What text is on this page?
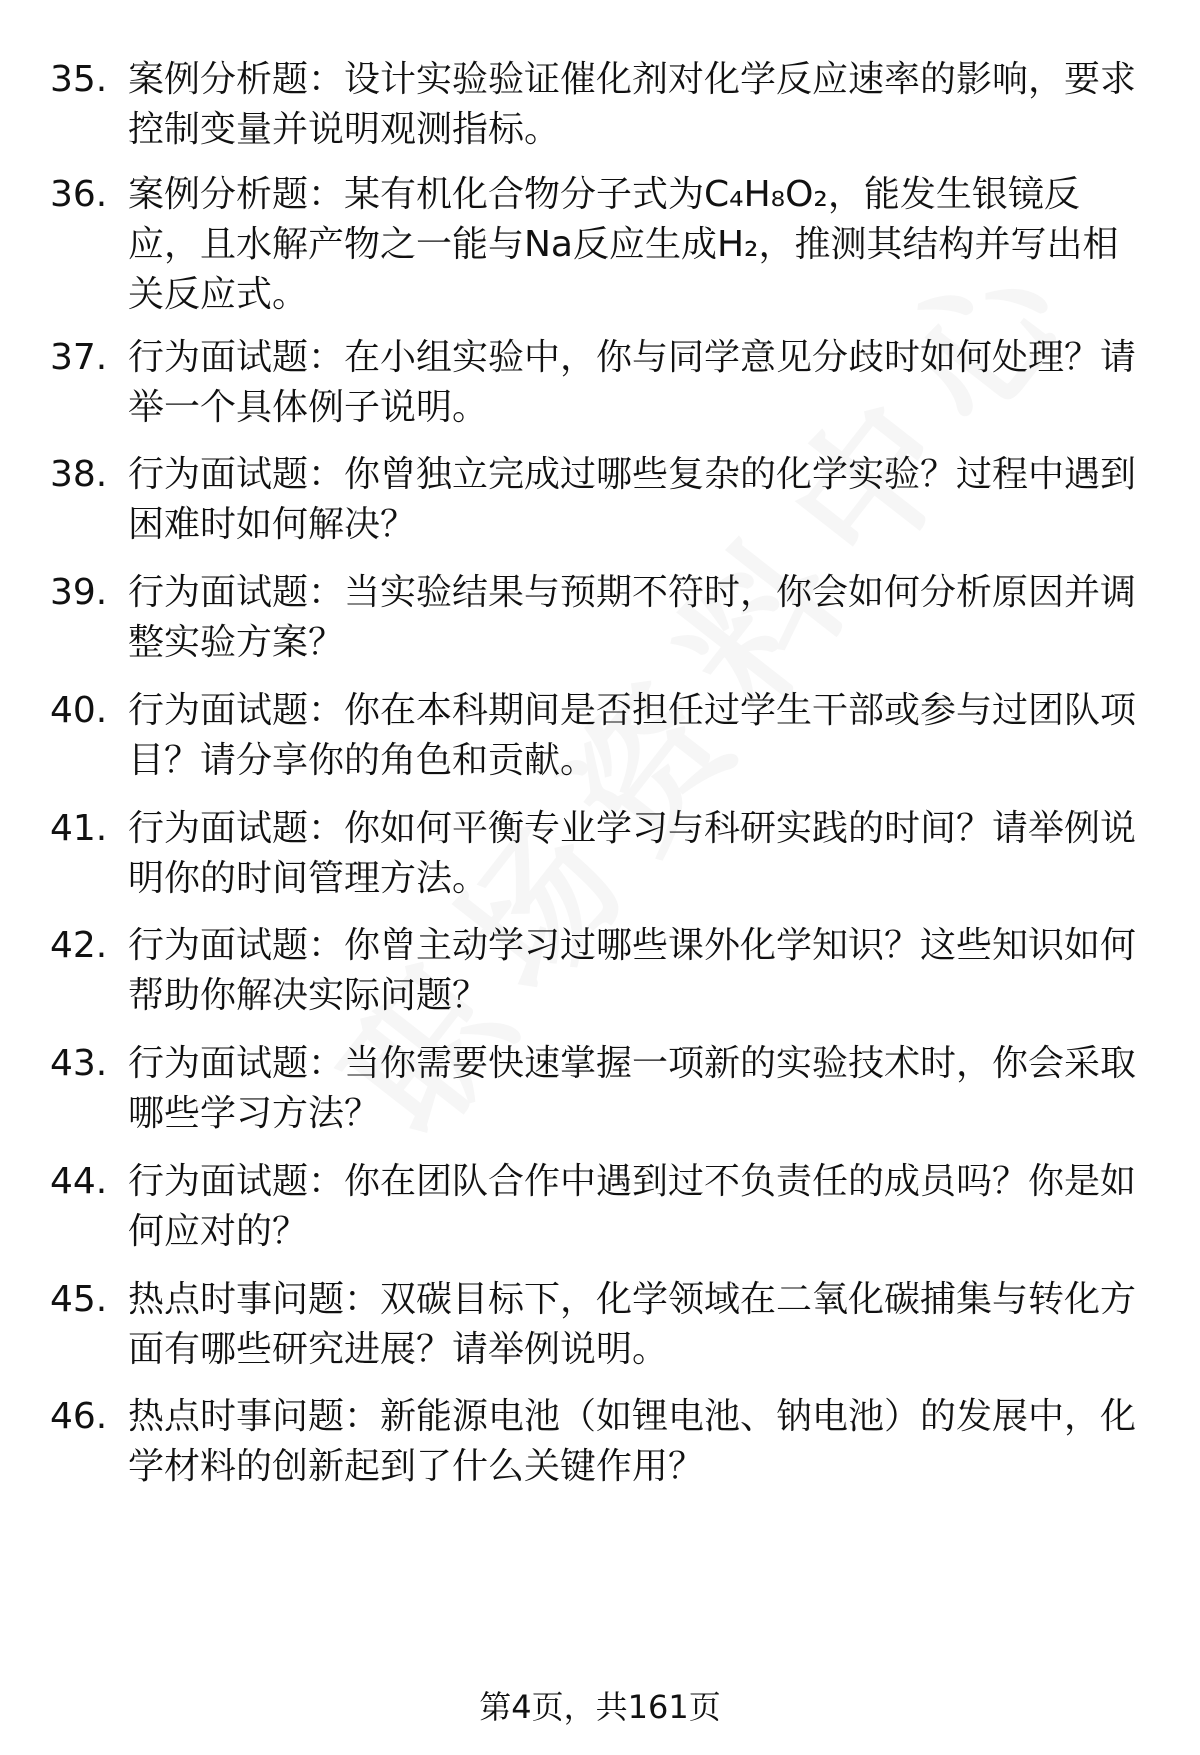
35. 案例分析题：设计实验验证催化剂对化学反应速率的影响，要求控制变量并说明观测指标。
36. 案例分析题：某有机化合物分子式为C₄H₈O₂，能发生银镜反应，且水解产物之一能与Na反应生成H₂，推测其结构并写出相关反应式。
37. 行为面试题：在小组实验中，你与同学意见分歧时如何处理？请举一个具体例子说明。
38. 行为面试题：你曾独立完成过哪些复杂的化学实验？过程中遇到困难时如何解决？
39. 行为面试题：当实验结果与预期不符时，你会如何分析原因并调整实验方案？
40. 行为面试题：你在本科期间是否担任过学生干部或参与过团队项目？请分享你的角色和贡献。
41. 行为面试题：你如何平衡专业学习与科研实践的时间？请举例说明你的时间管理方法。
42. 行为面试题：你曾主动学习过哪些课外化学知识？这些知识如何帮助你解决实际问题？
43. 行为面试题：当你需要快速掌握一项新的实验技术时，你会采取哪些学习方法？
44. 行为面试题：你在团队合作中遇到过不负责任的成员吗？你是如何应对的？
45. 热点时事问题：双碳目标下，化学领域在二氧化碳捕集与转化方面有哪些研究进展？请举例说明。
46. 热点时事问题：新能源电池（如锂电池、钠电池）的发展中，化学材料的创新起到了什么关键作用？
第4页，共161页
